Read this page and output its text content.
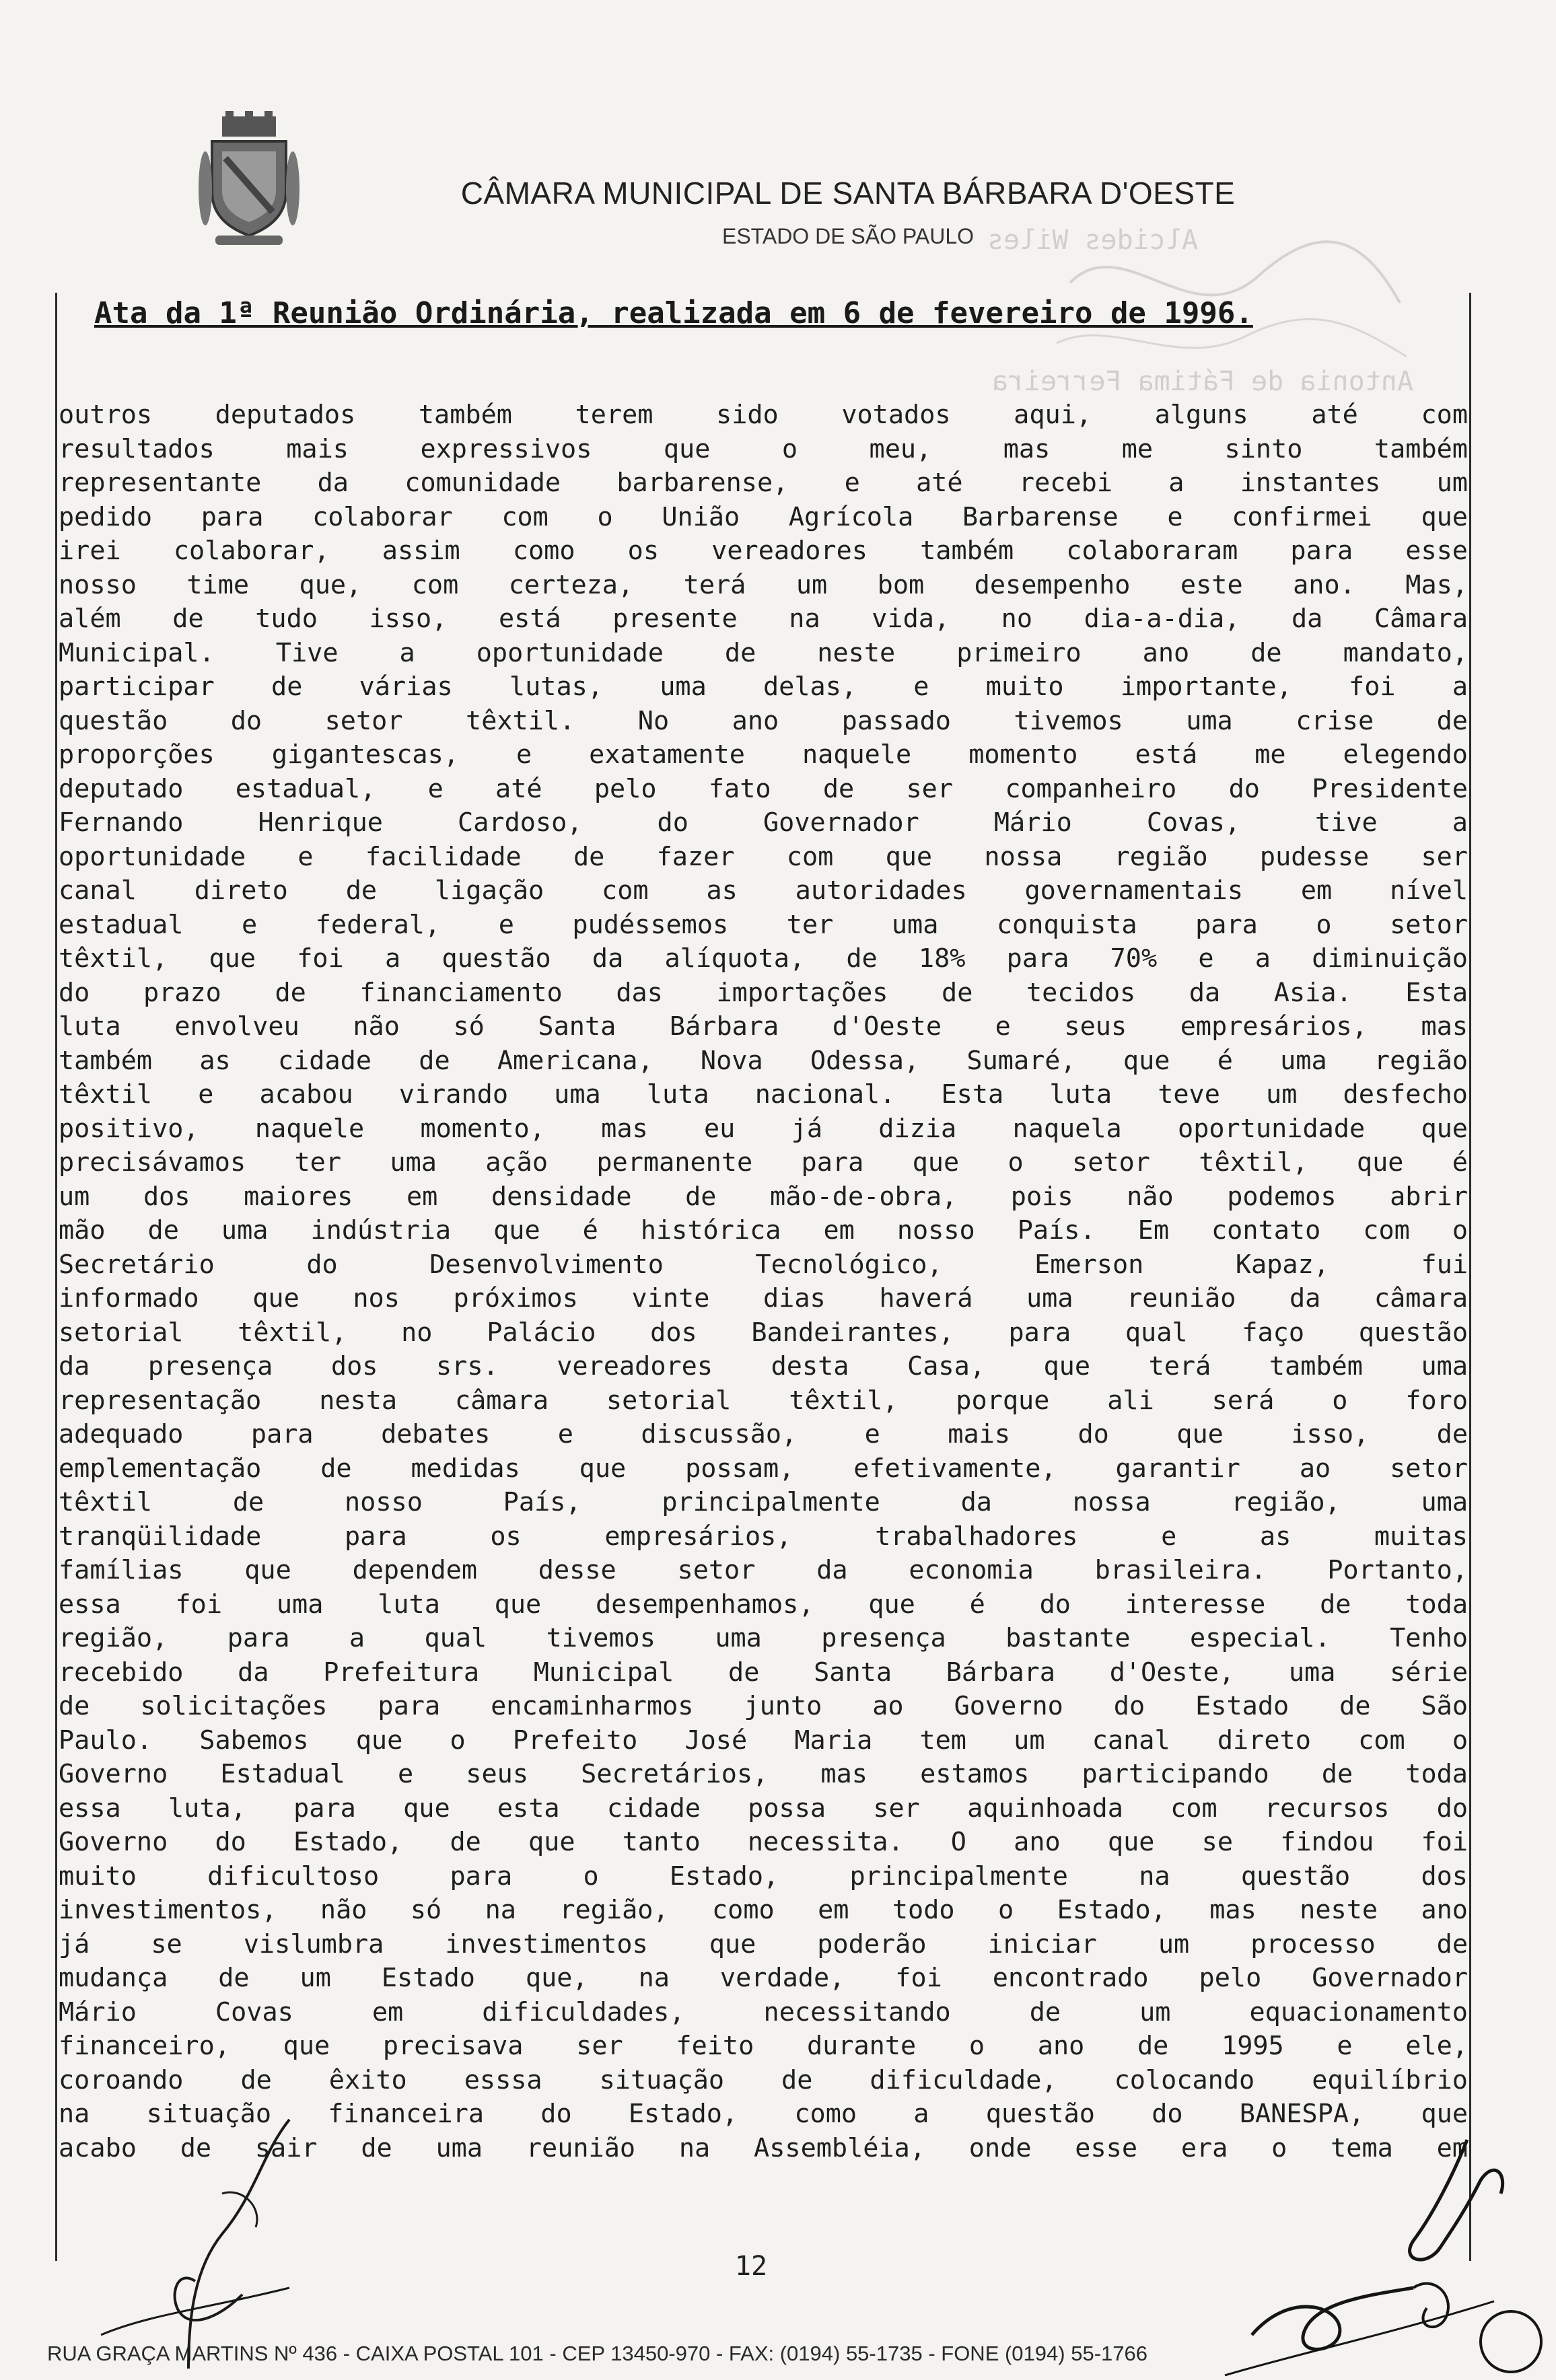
Alcides Wiles
Antonia de Fátima Ferreira
CÂMARA MUNICIPAL DE SANTA BÁRBARA D'OESTE
ESTADO DE SÃO PAULO
Ata da 1ª Reunião Ordinária, realizada em 6 de fevereiro de 1996.
outros deputados também terem sido votados aqui, alguns até com
resultados mais expressivos que o meu, mas me sinto também
representante da comunidade barbarense, e até recebi a instantes um
pedido para colaborar com o União Agrícola Barbarense e confirmei que
irei colaborar, assim como os vereadores também colaboraram para esse
nosso time que, com certeza, terá um bom desempenho este ano. Mas,
além de tudo isso, está presente na vida, no dia-a-dia, da Câmara
Municipal. Tive a oportunidade de neste primeiro ano de mandato,
participar de várias lutas, uma delas, e muito importante, foi a
questão do setor têxtil. No ano passado tivemos uma crise de
proporções gigantescas, e exatamente naquele momento está me elegendo
deputado estadual, e até pelo fato de ser companheiro do Presidente
Fernando Henrique Cardoso, do Governador Mário Covas, tive a
oportunidade e facilidade de fazer com que nossa região pudesse ser
canal direto de ligação com as autoridades governamentais em nível
estadual e federal, e pudéssemos ter uma conquista para o setor
têxtil, que foi a questão da alíquota, de 18% para 70% e a diminuição
do prazo de financiamento das importações de tecidos da Asia. Esta
luta envolveu não só Santa Bárbara d'Oeste e seus empresários, mas
também as cidade de Americana, Nova Odessa, Sumaré, que é uma região
têxtil e acabou virando uma luta nacional. Esta luta teve um desfecho
positivo, naquele momento, mas eu já dizia naquela oportunidade que
precisávamos ter uma ação permanente para que o setor têxtil, que é
um dos maiores em densidade de mão-de-obra, pois não podemos abrir
mão de uma indústria que é histórica em nosso País. Em contato com o
Secretário do Desenvolvimento Tecnológico, Emerson Kapaz, fui
informado que nos próximos vinte dias haverá uma reunião da câmara
setorial têxtil, no Palácio dos Bandeirantes, para qual faço questão
da presença dos srs. vereadores desta Casa, que terá também uma
representação nesta câmara setorial têxtil, porque ali será o foro
adequado para debates e discussão, e mais do que isso, de
emplementação de medidas que possam, efetivamente, garantir ao setor
têxtil de nosso País, principalmente da nossa região, uma
tranqüilidade para os empresários, trabalhadores e as muitas
famílias que dependem desse setor da economia brasileira. Portanto,
essa foi uma luta que desempenhamos, que é do interesse de toda
região, para a qual tivemos uma presença bastante especial. Tenho
recebido da Prefeitura Municipal de Santa Bárbara d'Oeste, uma série
de solicitações para encaminharmos junto ao Governo do Estado de São
Paulo. Sabemos que o Prefeito José Maria tem um canal direto com o
Governo Estadual e seus Secretários, mas estamos participando de toda
essa luta, para que esta cidade possa ser aquinhoada com recursos do
Governo do Estado, de que tanto necessita. O ano que se findou foi
muito dificultoso para o Estado, principalmente na questão dos
investimentos, não só na região, como em todo o Estado, mas neste ano
já se vislumbra investimentos que poderão iniciar um processo de
mudança de um Estado que, na verdade, foi encontrado pelo Governador
Mário Covas em dificuldades, necessitando de um equacionamento
financeiro, que precisava ser feito durante o ano de 1995 e ele,
coroando de êxito esssa situação de dificuldade, colocando equilíbrio
na situação financeira do Estado, como a questão do BANESPA, que
acabo de sair de uma reunião na Assembléia, onde esse era o tema em
12
RUA GRAÇA MARTINS Nº 436 - CAIXA POSTAL 101 - CEP 13450-970 - FAX: (0194) 55-1735 - FONE (0194) 55-1766
